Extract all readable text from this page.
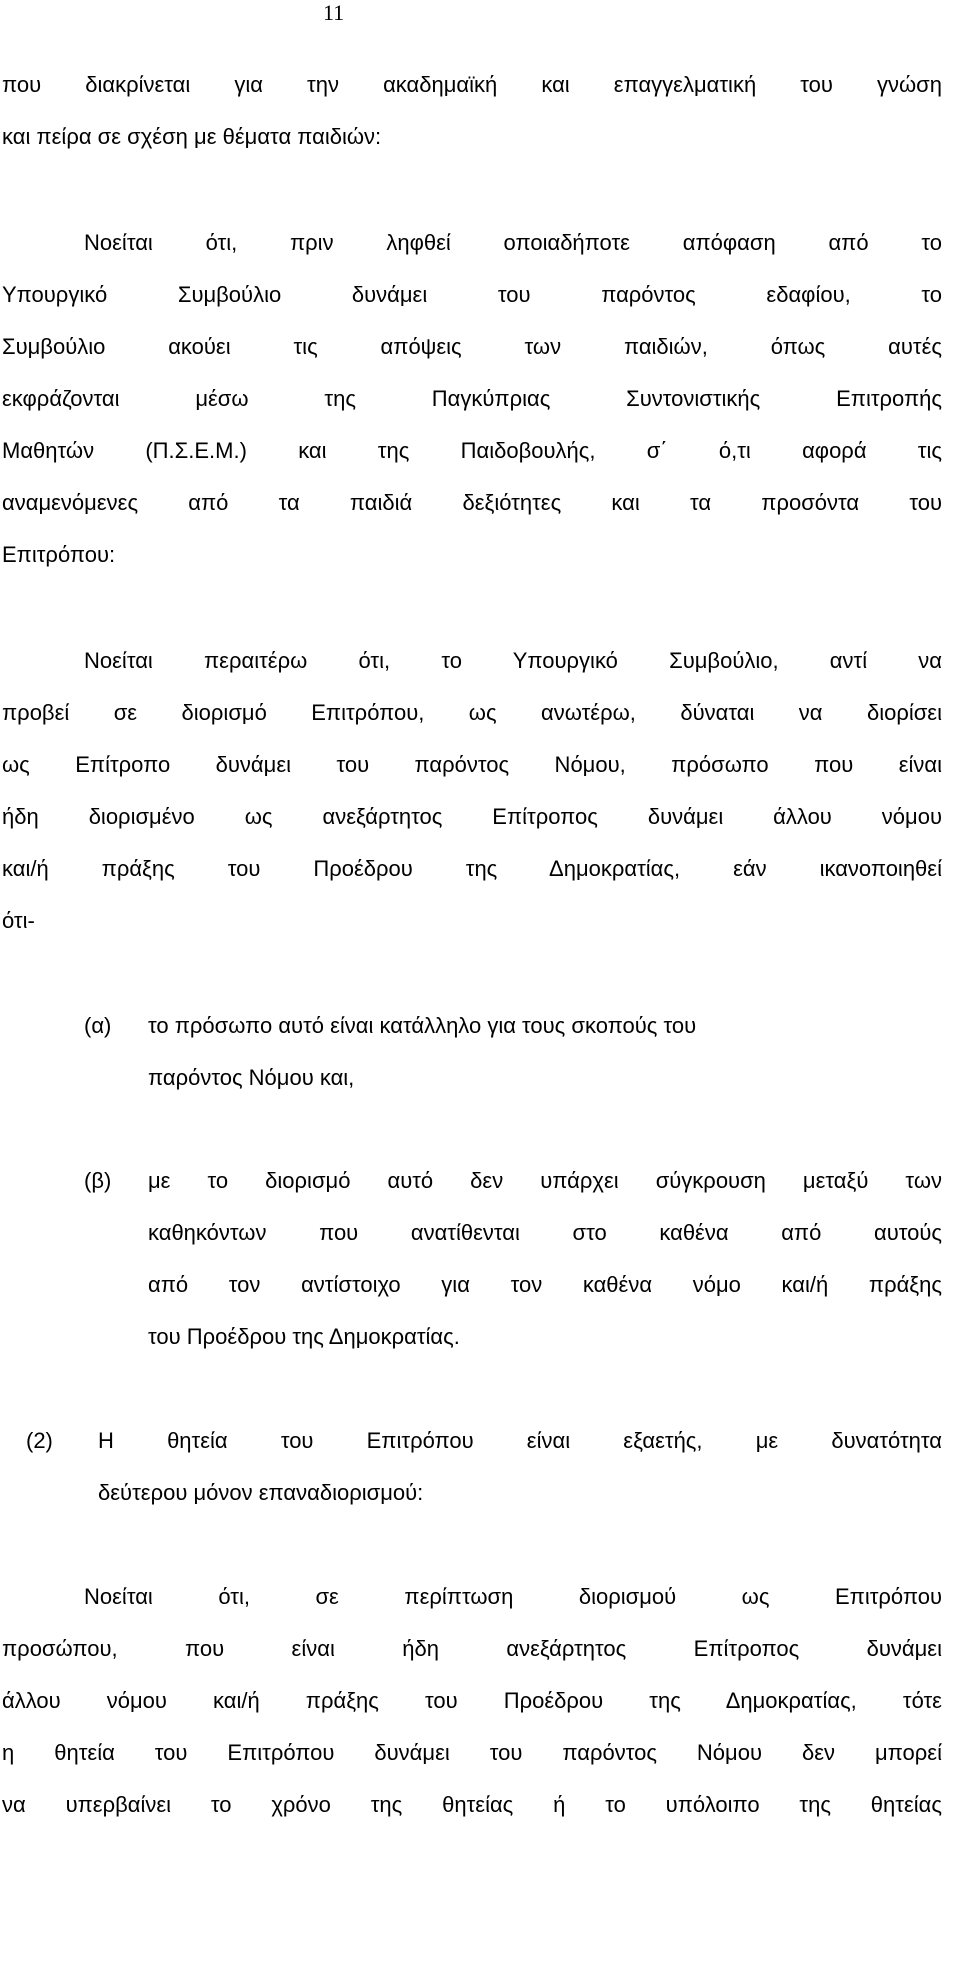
11
που διακρίνεται για την ακαδημαϊκή και επαγγελματική του γνώση
και πείρα σε σχέση με θέματα παιδιών:
Νοείται ότι, πριν ληφθεί οποιαδήποτε απόφαση από το
Υπουργικό Συμβούλιο δυνάμει του παρόντος εδαφίου, το
Συμβούλιο ακούει τις απόψεις των παιδιών, όπως αυτές
εκφράζονται μέσω της Παγκύπριας Συντονιστικής Επιτροπής
Μαθητών (Π.Σ.Ε.Μ.) και της Παιδοβουλής, σ΄ ό,τι αφορά τις
αναμενόμενες από τα παιδιά δεξιότητες και τα προσόντα του
Επιτρόπου:
Νοείται περαιτέρω ότι, το Υπουργικό Συμβούλιο, αντί να
προβεί σε διορισμό Επιτρόπου, ως ανωτέρω, δύναται να διορίσει
ως Επίτροπο δυνάμει του παρόντος Νόμου, πρόσωπο που είναι
ήδη διορισμένο ως ανεξάρτητος Επίτροπος δυνάμει άλλου νόμου
και/ή πράξης του Προέδρου της Δημοκρατίας, εάν ικανοποιηθεί
ότι-
(α) το πρόσωπο αυτό είναι κατάλληλο για τους σκοπούς του
παρόντος Νόμου και,
(β) με το διορισμό αυτό δεν υπάρχει σύγκρουση μεταξύ των
καθηκόντων που ανατίθενται στο καθένα από αυτούς
από τον αντίστοιχο για τον καθένα νόμο και/ή πράξης
του Προέδρου της Δημοκρατίας.
(2) Η θητεία του Επιτρόπου είναι εξαετής, με δυνατότητα
δεύτερου μόνον επαναδιορισμού:
Νοείται ότι, σε περίπτωση διορισμού ως Επιτρόπου
προσώπου, που είναι ήδη ανεξάρτητος Επίτροπος δυνάμει
άλλου νόμου και/ή πράξης του Προέδρου της Δημοκρατίας, τότε
η θητεία του Επιτρόπου δυνάμει του παρόντος Νόμου δεν μπορεί
να υπερβαίνει το χρόνο της θητείας ή το υπόλοιπο της θητείας
